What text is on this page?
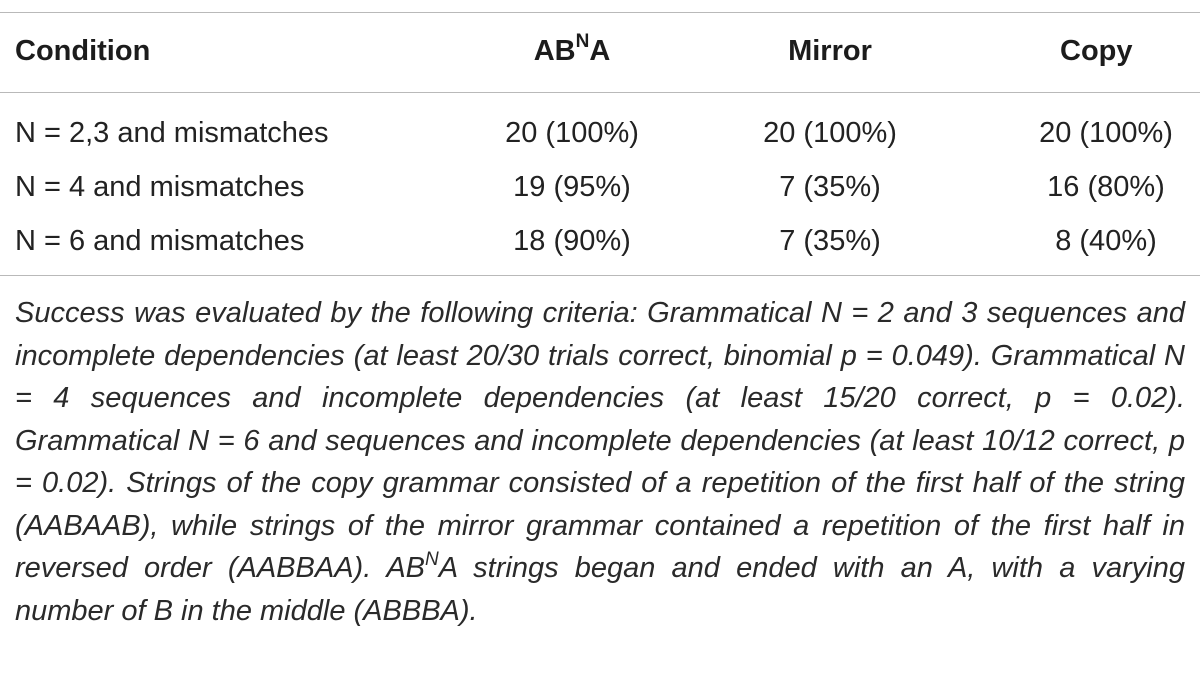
Condition	$AB^NA$	Mirror	Copy
N = 2,3 and mismatches	20 (100%)	20 (100%)	20 (100%)
N = 4 and mismatches	19 (95%)	7 (35%)	16 (80%)
N = 6 and mismatches	18 (90%)	7 (35%)	8 (40%)
Success was evaluated by the following criteria: Grammatical N = 2 and 3 sequences and incomplete dependencies (at least 20/30 trials correct, binomial p = 0.049). Grammatical N = 4 sequences and incomplete dependencies (at least 15/20 correct, p = 0.02). Grammatical N = 6 and sequences and incomplete dependencies (at least 10/12 correct, p = 0.02). Strings of the copy grammar consisted of a repetition of the first half of the string (AABAAB), while strings of the mirror grammar contained a repetition of the first half in reversed order (AABBAA). $AB^NA$ strings began and ended with an A, with a varying number of B in the middle (ABBBA).
